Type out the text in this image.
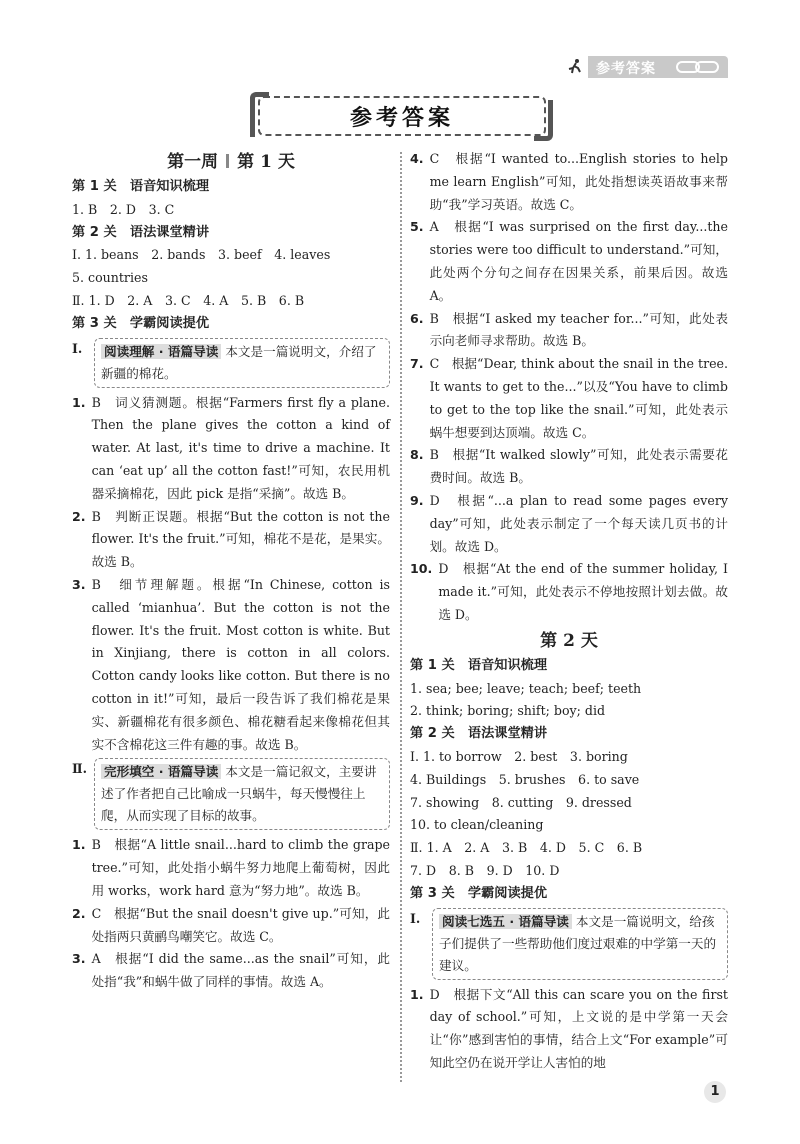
参考答案
参考答案
第一周 第 1 天
第 1 关　语音知识梳理
1. B　2. D　3. C
第 2 关　语法课堂精讲
Ⅰ. 1. beans　2. bands　3. beef　4. leaves
5. countries
Ⅱ. 1. D　2. A　3. C　4. A　5. B　6. B
第 3 关　学霸阅读提优
Ⅰ.	阅读理解 · 语篇导读 本文是一篇说明文，介绍了新疆的棉花。
1. B　词义猜测题。根据“Farmers first fly a plane. Then the plane gives the cotton a kind of water. At last, it's time to drive a machine. It can ‘eat up’ all the cotton fast!”可知，农民用机器采摘棉花，因此 pick 是指“采摘”。故选 B。
2. B　判断正误题。根据“But the cotton is not the flower. It's the fruit.”可知，棉花不是花，是果实。故选 B。
3. B　细节理解题。根据“In Chinese, cotton is called ‘mianhua’. But the cotton is not the flower. It's the fruit. Most cotton is white. But in Xinjiang, there is cotton in all colors. Cotton candy looks like cotton. But there is no cotton in it!”可知，最后一段告诉了我们棉花是果实、新疆棉花有很多颜色、棉花糖看起来像棉花但其实不含棉花这三件有趣的事。故选 B。
Ⅱ.	完形填空 · 语篇导读 本文是一篇记叙文，主要讲述了作者把自己比喻成一只蜗牛，每天慢慢往上爬，从而实现了目标的故事。
1. B　根据“A little snail...hard to climb the grape tree.”可知，此处指小蜗牛努力地爬上葡萄树，因此用 works，work hard 意为“努力地”。故选 B。
2. C　根据“But the snail doesn't give up.”可知，此处指两只黄鹂鸟嘲笑它。故选 C。
3. A　根据“I did the same...as the snail”可知，此处指“我”和蜗牛做了同样的事情。故选 A。
4. C　根据“I wanted to...English stories to help me learn English”可知，此处指想读英语故事来帮助“我”学习英语。故选 C。
5. A　根据“I was surprised on the first day...the stories were too difficult to understand.”可知，此处两个分句之间存在因果关系，前果后因。故选 A。
6. B　根据“I asked my teacher for...”可知，此处表示向老师寻求帮助。故选 B。
7. C　根据“Dear, think about the snail in the tree. It wants to get to the...”以及“You have to climb to get to the top like the snail.”可知，此处表示蜗牛想要到达顶端。故选 C。
8. B　根据“It walked slowly”可知，此处表示需要花费时间。故选 B。
9. D　根据“...a plan to read some pages every day”可知，此处表示制定了一个每天读几页书的计划。故选 D。
10. D　根据“At the end of the summer holiday, I made it.”可知，此处表示不停地按照计划去做。故选 D。
第 2 天
第 1 关　语音知识梳理
1. sea; bee; leave; teach; beef; teeth
2. think; boring; shift; boy; did
第 2 关　语法课堂精讲
Ⅰ. 1. to borrow　2. best　3. boring
4. Buildings　5. brushes　6. to save
7. showing　8. cutting　9. dressed
10. to clean/cleaning
Ⅱ. 1. A　2. A　3. B　4. D　5. C　6. B
7. D　8. B　9. D　10. D
第 3 关　学霸阅读提优
Ⅰ.	阅读七选五 · 语篇导读 本文是一篇说明文，给孩子们提供了一些帮助他们度过艰难的中学第一天的建议。
1. D　根据下文“All this can scare you on the first day of school.”可知，上文说的是中学第一天会让“你”感到害怕的事情，结合上文“For example”可知此空仍在说开学让人害怕的地
1
